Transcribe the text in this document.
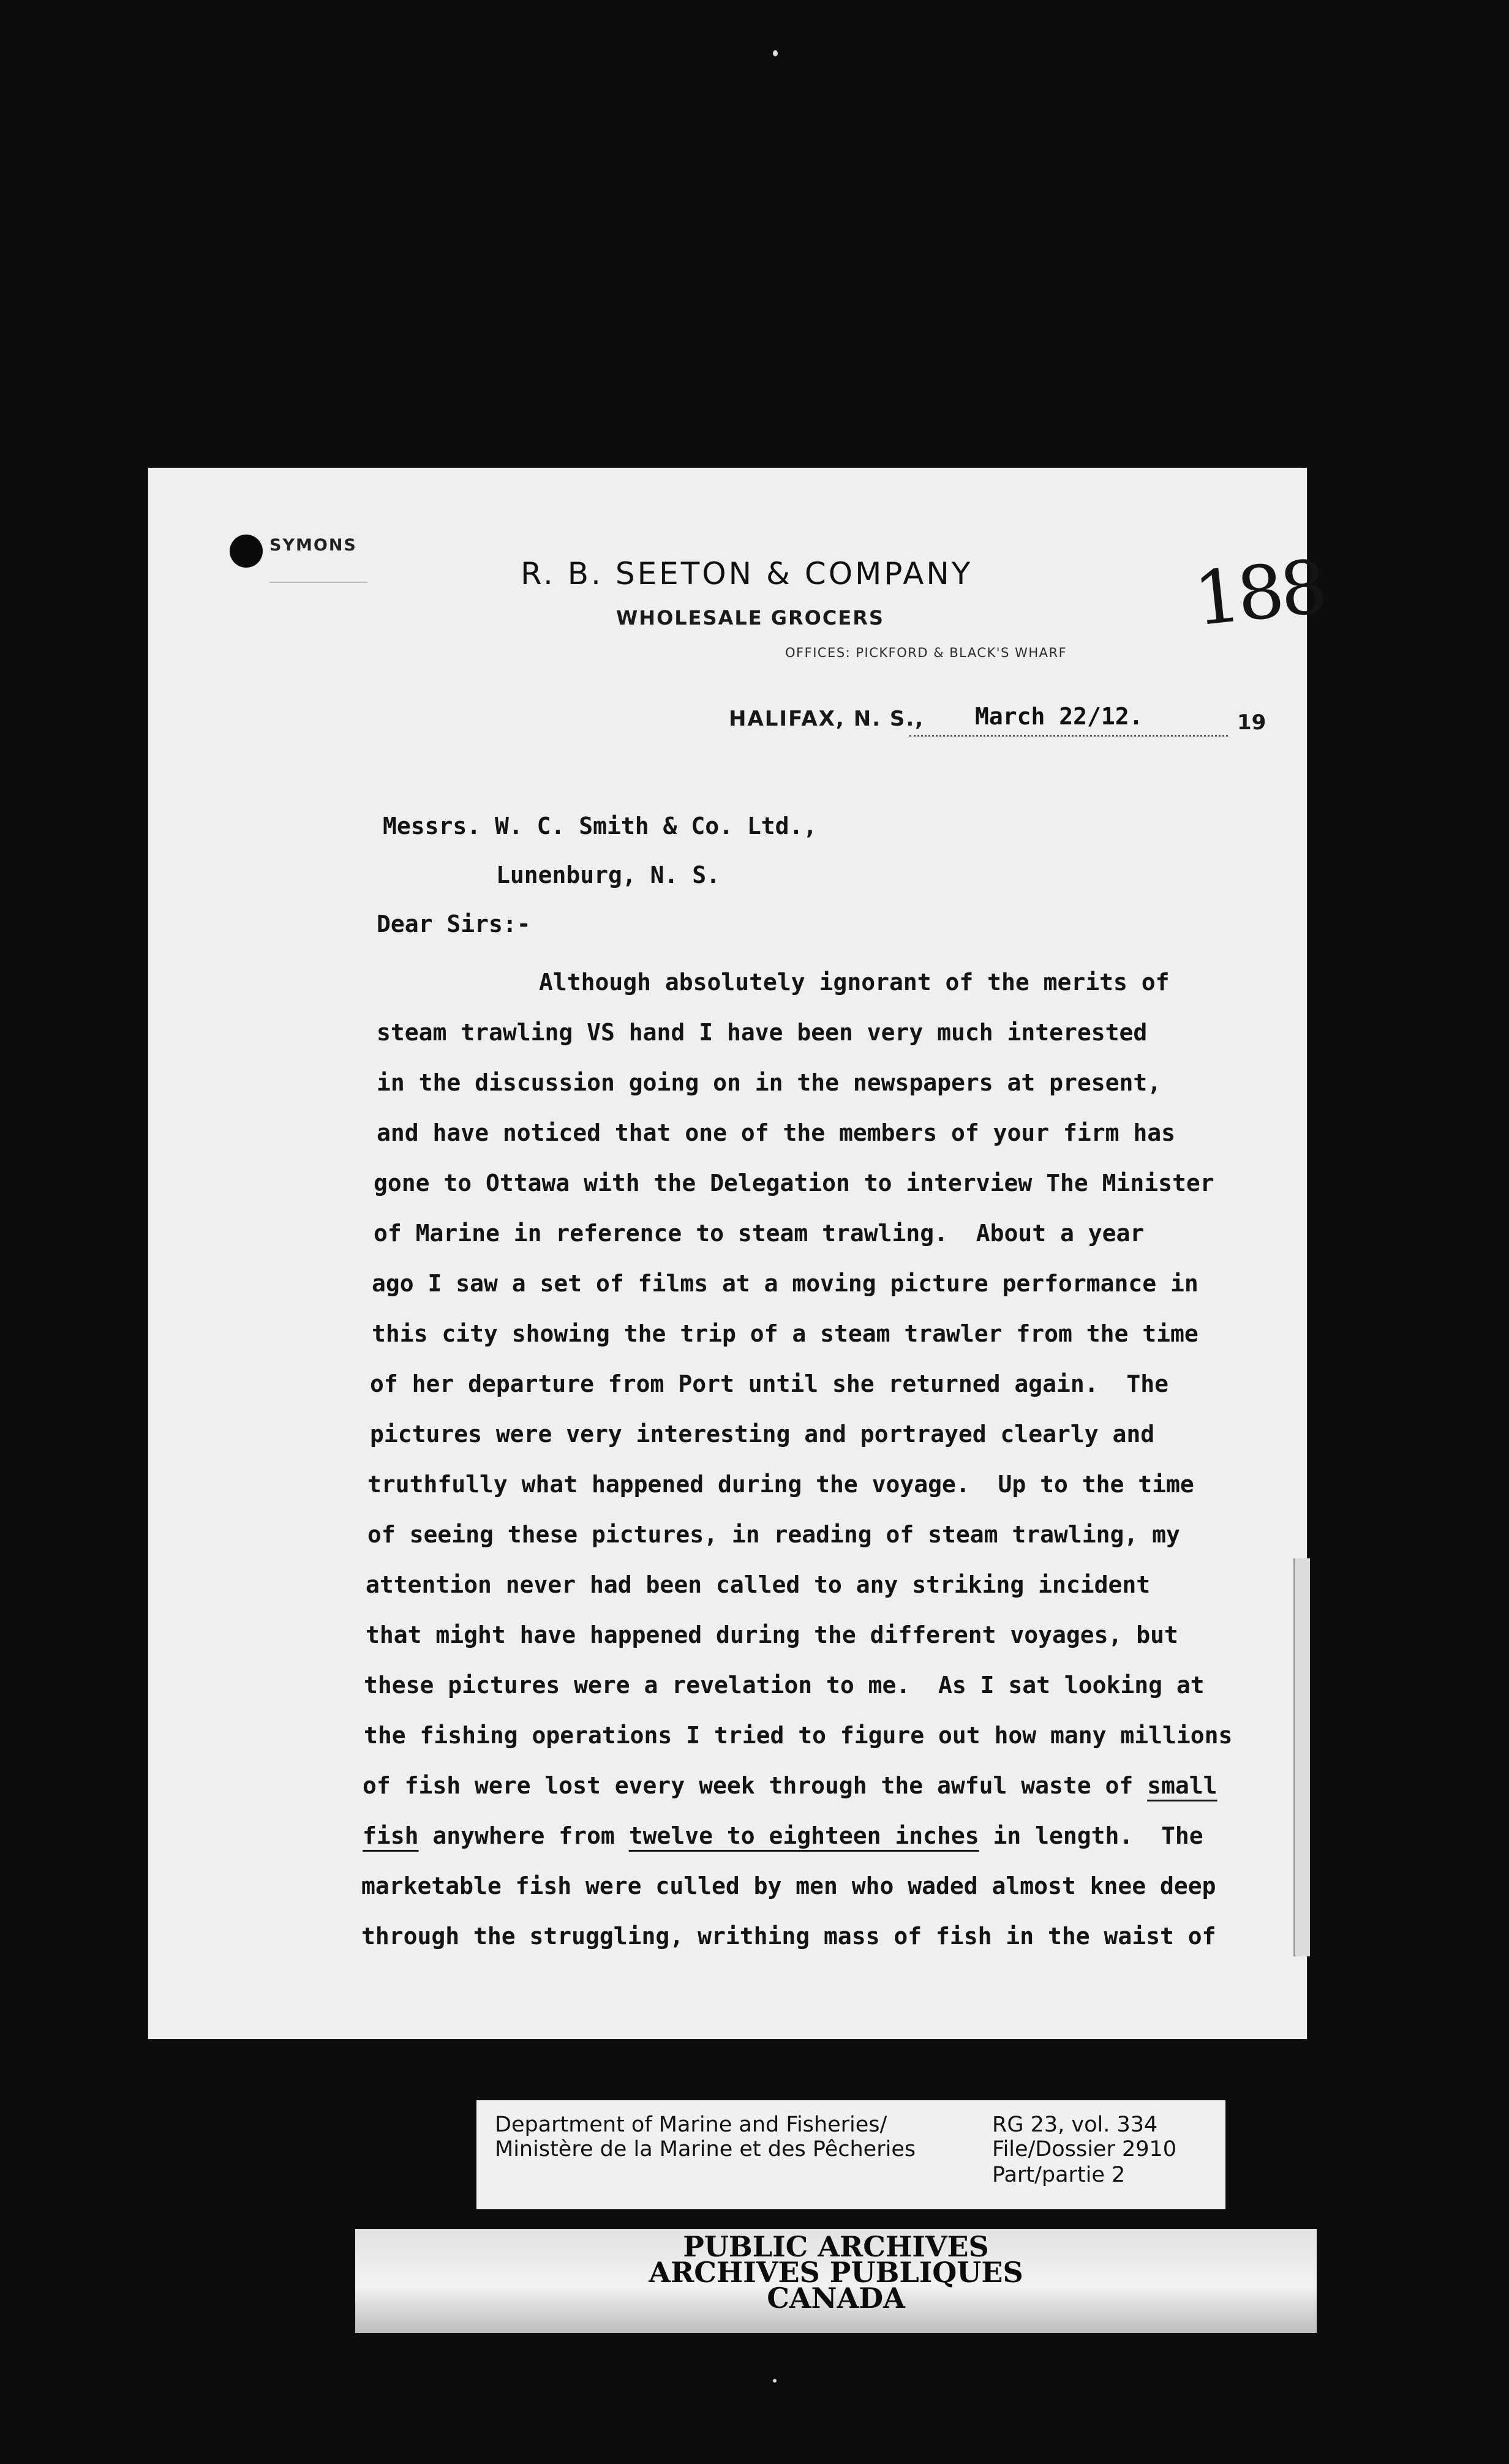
SYMONS
R. B. SEETON & COMPANY
WHOLESALE GROCERS
OFFICES: PICKFORD & BLACK'S WHARF
188
HALIFAX, N. S., March 22/12.	19
Messrs. W. C. Smith & Co. Ltd.,
Lunenburg, N. S.
Dear Sirs:-
Although absolutely ignorant of the merits of
steam trawling VS hand I have been very much interested
in the discussion going on in the newspapers at present,
and have noticed that one of the members of your firm has
gone to Ottawa with the Delegation to interview The Minister
of Marine in reference to steam trawling.  About a year
ago I saw a set of films at a moving picture performance in
this city showing the trip of a steam trawler from the time
of her departure from Port until she returned again.  The
pictures were very interesting and portrayed clearly and
truthfully what happened during the voyage.  Up to the time
of seeing these pictures, in reading of steam trawling, my
attention never had been called to any striking incident
that might have happened during the different voyages, but
these pictures were a revelation to me.  As I sat looking at
the fishing operations I tried to figure out how many millions
of fish were lost every week through the awful waste of small
fish anywhere from twelve to eighteen inches in length.  The
marketable fish were culled by men who waded almost knee deep
through the struggling, writhing mass of fish in the waist of
Department of Marine and Fisheries/
Ministère de la Marine et des Pêcheries
RG 23, vol. 334
File/Dossier 2910
Part/partie 2
PUBLIC ARCHIVES
ARCHIVES PUBLIQUES
CANADA
